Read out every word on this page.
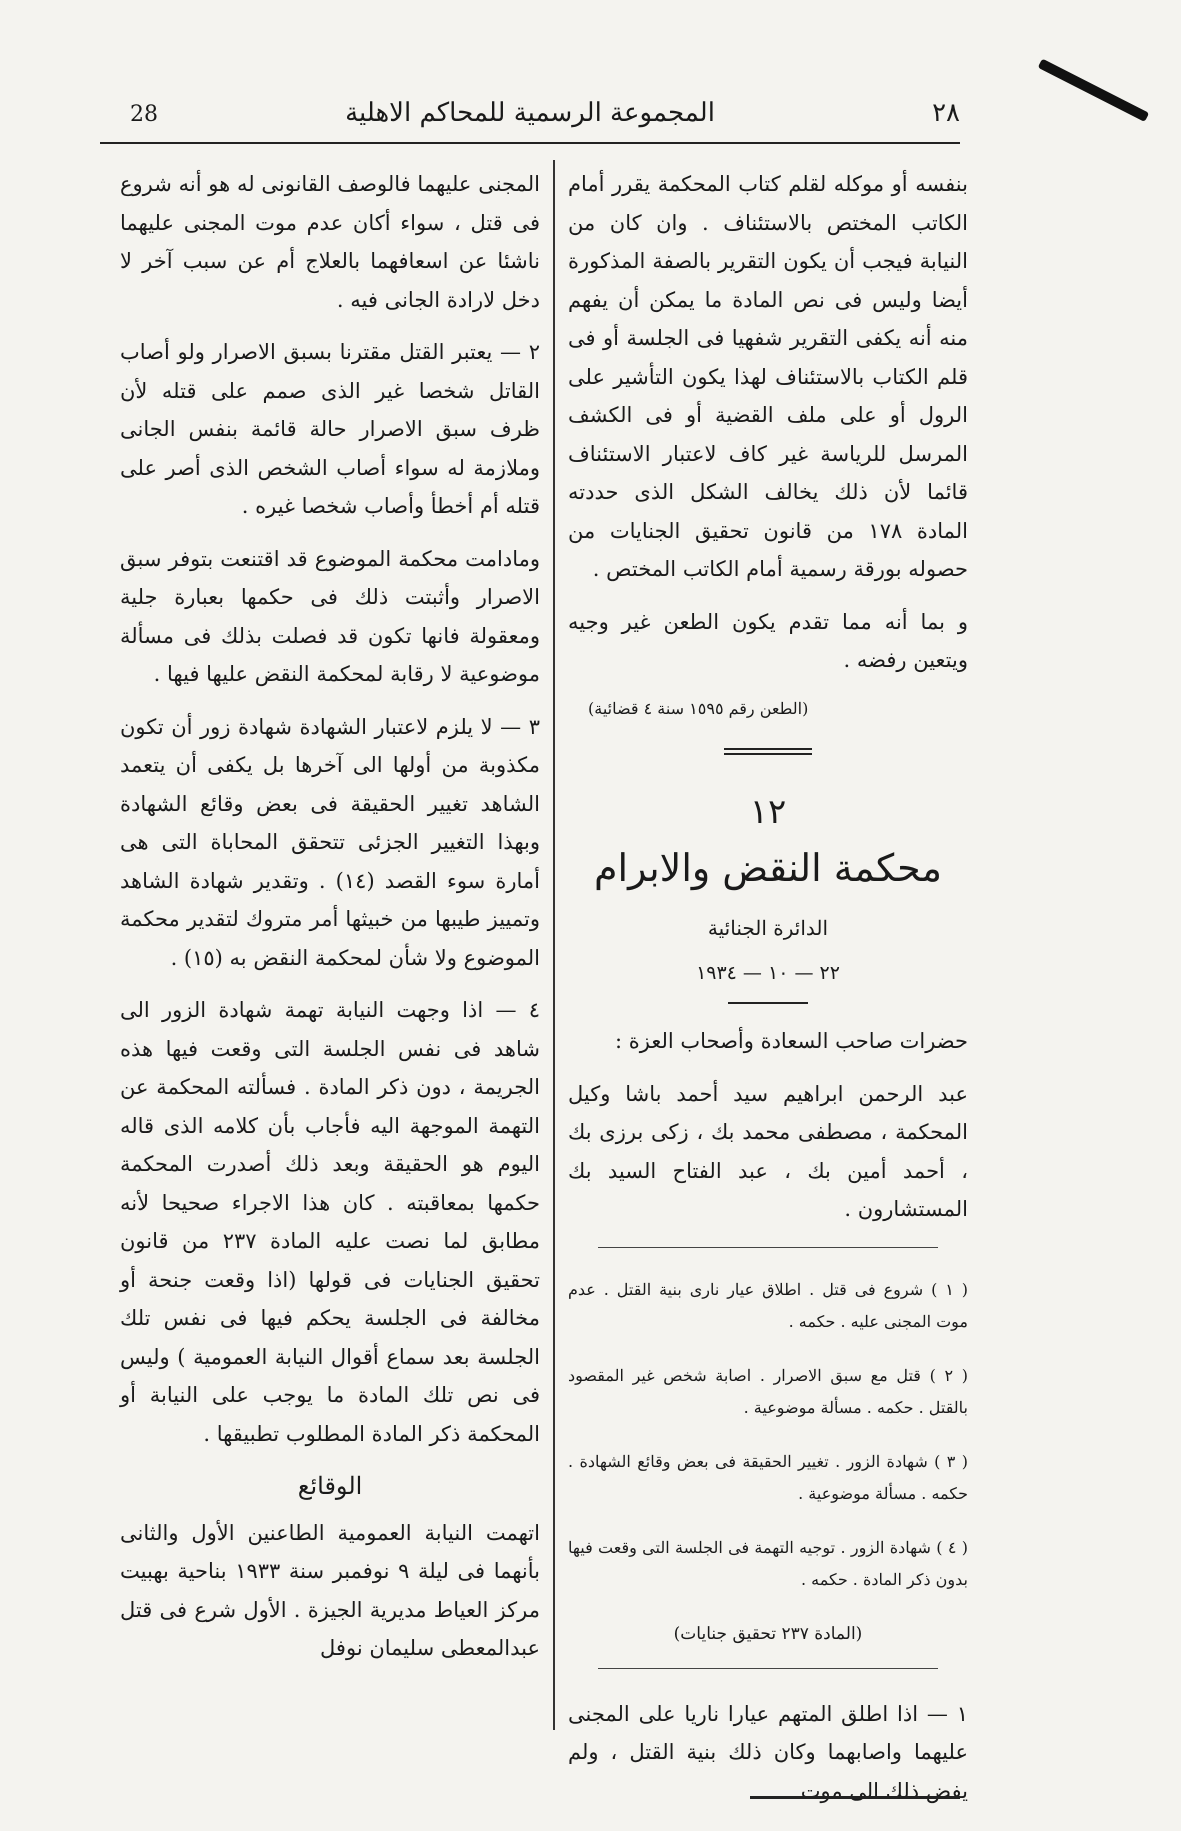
28	المجموعة الرسمية للمحاكم الاهلية	٢٨

بنفسه أو موكله لقلم كتاب المحكمة يقرر أمام الكاتب المختص بالاستئناف . وان كان من النيابة فيجب أن يكون التقرير بالصفة المذكورة أيضا وليس فى نص المادة ما يمكن أن يفهم منه أنه يكفى التقرير شفهيا فى الجلسة أو فى قلم الكتاب بالاستئناف لهذا يكون التأشير على الرول أو على ملف القضية أو فى الكشف المرسل للرياسة غير كاف لاعتبار الاستئناف قائما لأن ذلك يخالف الشكل الذى حددته المادة ١٧٨ من قانون تحقيق الجنايات من حصوله بورقة رسمية أمام الكاتب المختص .

و بما أنه مما تقدم يكون الطعن غير وجيه ويتعين رفضه .

(الطعن رقم ١٥٩٥ سنة ٤ قضائية)
١٢
محكمة النقض والابرام
الدائرة الجنائية
٢٢ — ١٠ — ١٩٣٤

حضرات صاحب السعادة وأصحاب العزة :

عبد الرحمن ابراهيم سيد أحمد باشا وكيل المحكمة ، مصطفى محمد بك ، زكى برزى بك ، أحمد أمين بك ، عبد الفتاح السيد بك المستشارون .

( ١ ) شروع فى قتل . اطلاق عيار نارى بنية القتل . عدم موت المجنى عليه . حكمه .

( ٢ ) قتل مع سبق الاصرار . اصابة شخص غير المقصود بالقتل . حكمه . مسألة موضوعية .

( ٣ ) شهادة الزور . تغيير الحقيقة فى بعض وقائع الشهادة . حكمه . مسألة موضوعية .

( ٤ ) شهادة الزور . توجيه التهمة فى الجلسة التى وقعت فيها بدون ذكر المادة . حكمه .

(المادة ٢٣٧ تحقيق جنايات)

١ — اذا اطلق المتهم عيارا ناريا على المجنى عليهما واصابهما وكان ذلك بنية القتل ، ولم يفض ذلك الى موت

المجنى عليهما فالوصف القانونى له هو أنه شروع فى قتل ، سواء أكان عدم موت المجنى عليهما ناشئا عن اسعافهما بالعلاج أم عن سبب آخر لا دخل لارادة الجانى فيه .

٢ — يعتبر القتل مقترنا بسبق الاصرار ولو أصاب القاتل شخصا غير الذى صمم على قتله لأن ظرف سبق الاصرار حالة قائمة بنفس الجانى وملازمة له سواء أصاب الشخص الذى أصر على قتله أم أخطأ وأصاب شخصا غيره .

ومادامت محكمة الموضوع قد اقتنعت بتوفر سبق الاصرار وأثبتت ذلك فى حكمها بعبارة جلية ومعقولة فانها تكون قد فصلت بذلك فى مسألة موضوعية لا رقابة لمحكمة النقض عليها فيها .

٣ — لا يلزم لاعتبار الشهادة شهادة زور أن تكون مكذوبة من أولها الى آخرها بل يكفى أن يتعمد الشاهد تغيير الحقيقة فى بعض وقائع الشهادة وبهذا التغيير الجزئى تتحقق المحاباة التى هى أمارة سوء القصد (١٤) . وتقدير شهادة الشاهد وتمييز طيبها من خبيثها أمر متروك لتقدير محكمة الموضوع ولا شأن لمحكمة النقض به (١٥) .

٤ — اذا وجهت النيابة تهمة شهادة الزور الى شاهد فى نفس الجلسة التى وقعت فيها هذه الجريمة ، دون ذكر المادة . فسألته المحكمة عن التهمة الموجهة اليه فأجاب بأن كلامه الذى قاله اليوم هو الحقيقة وبعد ذلك أصدرت المحكمة حكمها بمعاقبته . كان هذا الاجراء صحيحا لأنه مطابق لما نصت عليه المادة ٢٣٧ من قانون تحقيق الجنايات فى قولها (اذا وقعت جنحة أو مخالفة فى الجلسة يحكم فيها فى نفس تلك الجلسة بعد سماع أقوال النيابة العمومية ) وليس فى نص تلك المادة ما يوجب على النيابة أو المحكمة ذكر المادة المطلوب تطبيقها .

الوقائع

اتهمت النيابة العمومية الطاعنين الأول والثانى بأنهما فى ليلة ٩ نوفمبر سنة ١٩٣٣ بناحية بهبيت مركز العياط مديرية الجيزة . الأول شرع فى قتل عبدالمعطى سليمان نوفل
